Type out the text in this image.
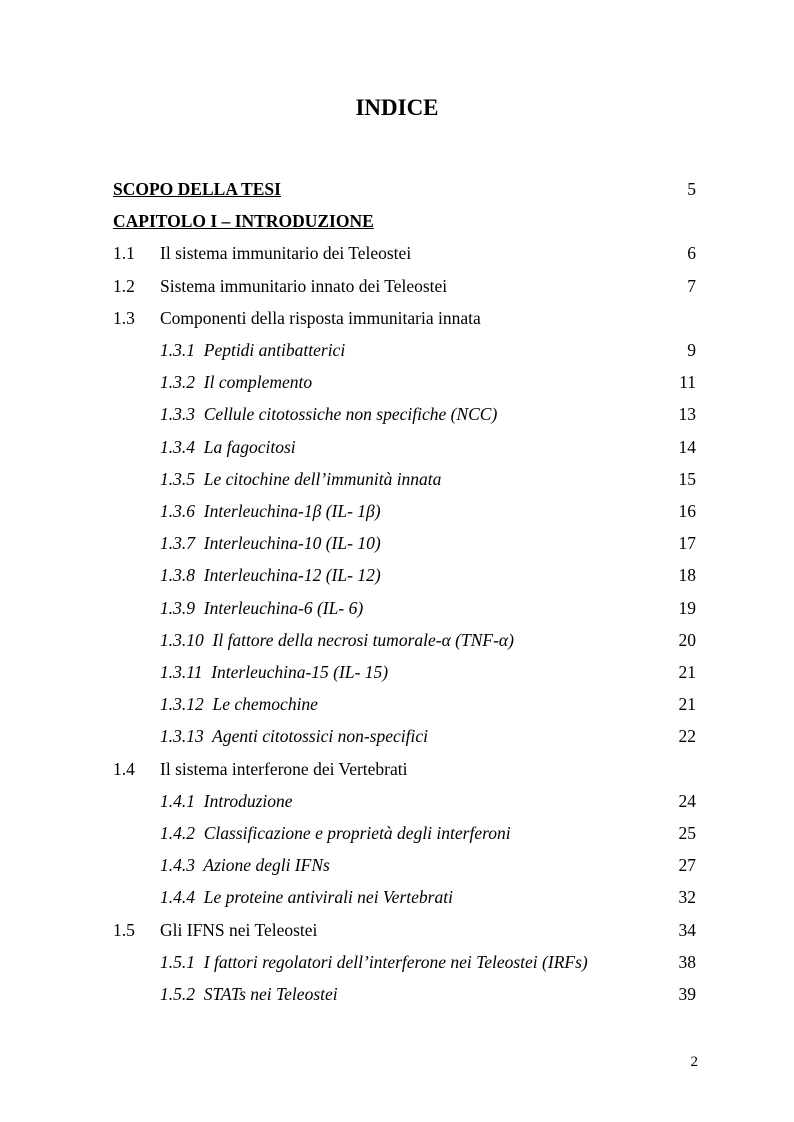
INDICE
SCOPO DELLA TESI	5
CAPITOLO I – INTRODUZIONE
1.1 Il sistema immunitario dei Teleostei	6
1.2 Sistema immunitario innato dei Teleostei	7
1.3 Componenti della risposta immunitaria innata
1.3.1  Peptidi antibatterici	9
1.3.2  Il complemento	11
1.3.3  Cellule citotossiche non specifiche (NCC)	13
1.3.4  La fagocitosi	14
1.3.5  Le citochine dell’immunità innata	15
1.3.6  Interleuchina-1β (IL- 1β)	16
1.3.7  Interleuchina-10 (IL- 10)	17
1.3.8  Interleuchina-12 (IL- 12)	18
1.3.9  Interleuchina-6 (IL- 6)	19
1.3.10  Il fattore della necrosi tumorale-α (TNF-α)	20
1.3.11  Interleuchina-15 (IL- 15)	21
1.3.12  Le chemochine	21
1.3.13  Agenti citotossici non-specifici	22
1.4 Il sistema interferone dei Vertebrati
1.4.1  Introduzione	24
1.4.2  Classificazione e proprietà degli interferoni	25
1.4.3  Azione degli IFNs	27
1.4.4  Le proteine antivirali nei Vertebrati	32
1.5 Gli IFNS nei Teleostei	34
1.5.1  I fattori regolatori dell’interferone nei Teleostei (IRFs)	38
1.5.2  STATs nei Teleostei	39
2
